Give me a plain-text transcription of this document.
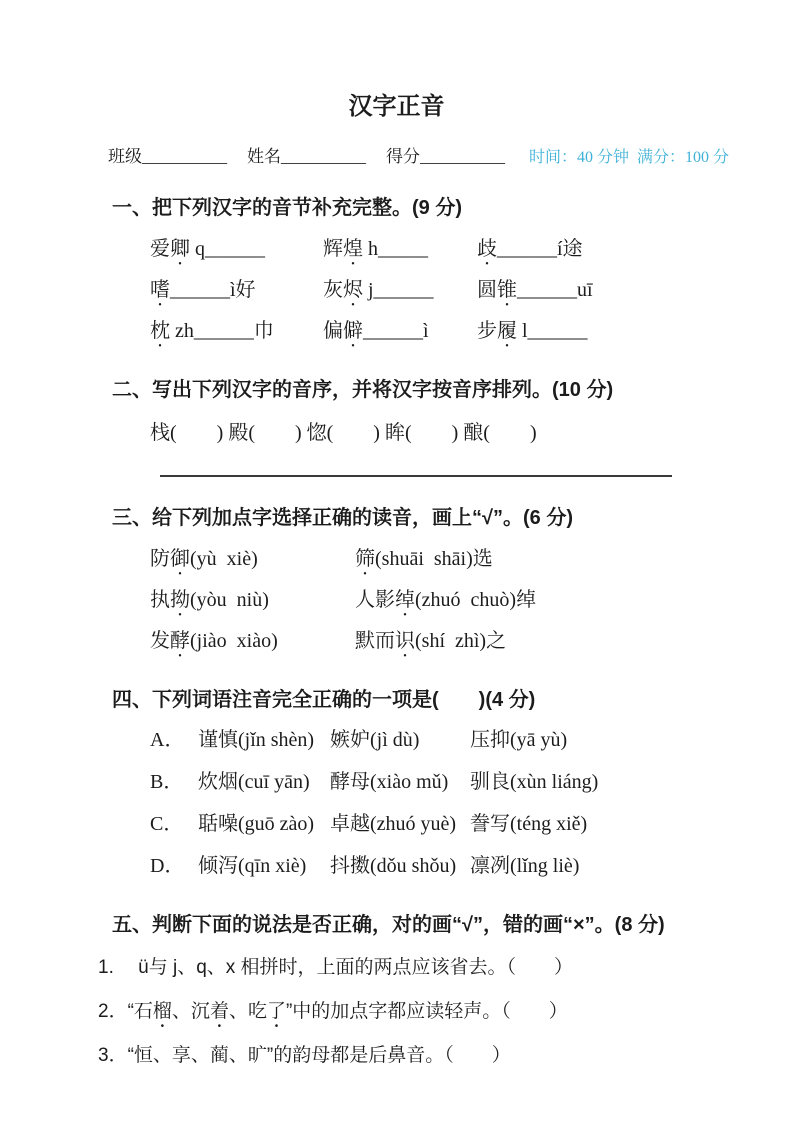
汉字正音
班级__________ 姓名__________ 得分__________ 时间：40 分钟  满分：100 分
一、把下列汉字的音节补充完整。(9 分)
爱卿 q______	辉煌 h_____	歧______í途
嗜______ì好	灰烬 j______	圆锥______uī
枕 zh______巾	偏僻______ì	步履 l______
二、写出下列汉字的音序，并将汉字按音序排列。(10 分)
栈(　　) 殿(　　) 惚(　　) 眸(　　) 酿(　　)
三、给下列加点字选择正确的读音，画上“√”。(6 分)
防御(yù  xiè)	筛(shuāi  shāi)选
执拗(yòu  niù)	人影绰(zhuó  chuò)绰
发酵(jiào  xiào)	默而识(shí  zhì)之
四、下列词语注音完全正确的一项是(　　)(4 分)
A． 谨慎(jǐn shèn) 嫉妒(jì dù)	压抑(yā yù)
B． 炊烟(cuī yān)	酵母(xiào mǔ)	驯良(xùn liáng)
C． 聒噪(guō zào) 卓越(zhuó yuè) 誊写(téng xiě)
D． 倾泻(qīn xiè)	抖擞(dǒu shǒu) 凛冽(lǐng liè)
五、判断下面的说法是否正确，对的画“√”，错的画“×”。(8 分)
1.　 ü与 j、q、x 相拼时，上面的两点应该省去。（　　）
2．“石 榴 • 、沉 着 • 、吃 了 • ”中的加点字都应读轻声。（　　）
3．“恒、享、蔺、旷”的韵母都是后鼻音。（　　）
